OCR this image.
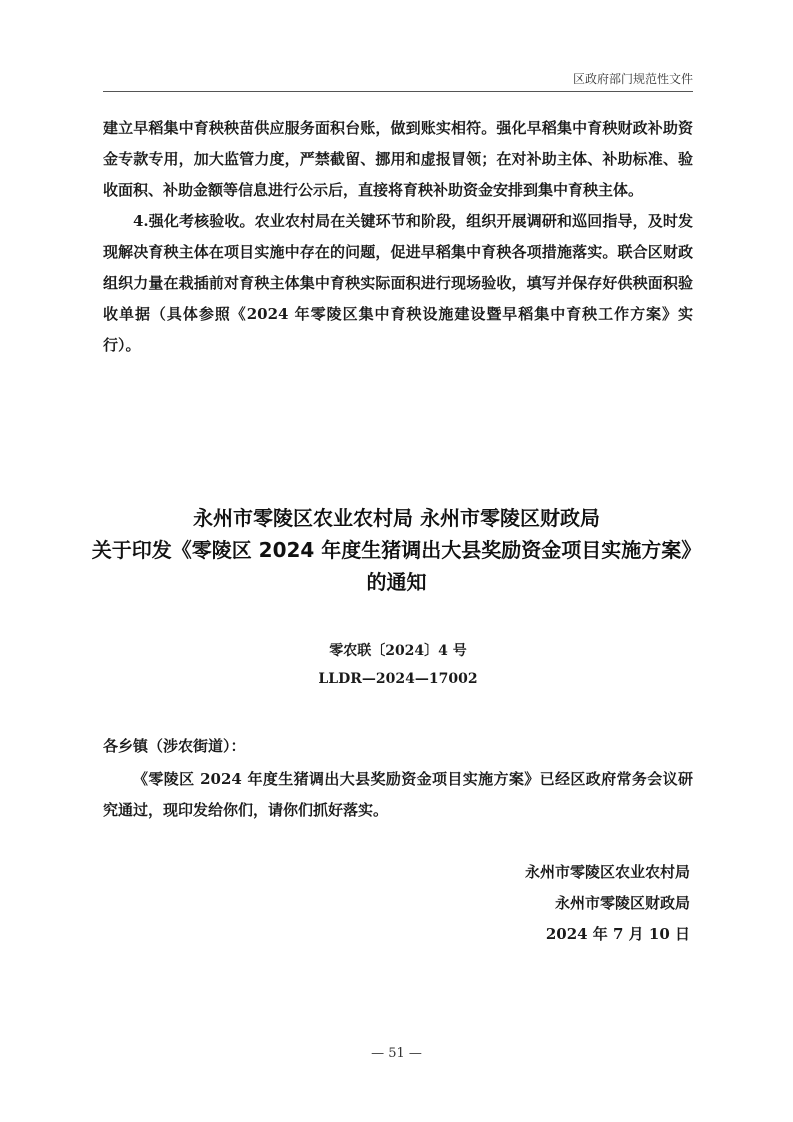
区政府部门规范性文件

建立早稻集中育秧秧苗供应服务面积台账，做到账实相符。强化早稻集中育秧财政补助资金专款专用，加大监管力度，严禁截留、挪用和虚报冒领；在对补助主体、补助标准、验收面积、补助金额等信息进行公示后，直接将育秧补助资金安排到集中育秧主体。

4.强化考核验收。农业农村局在关键环节和阶段，组织开展调研和巡回指导，及时发现解决育秧主体在项目实施中存在的问题，促进早稻集中育秧各项措施落实。联合区财政组织力量在栽插前对育秧主体集中育秧实际面积进行现场验收，填写并保存好供秧面积验收单据（具体参照《2024 年零陵区集中育秧设施建设暨早稻集中育秧工作方案》实行）。

永州市零陵区农业农村局 永州市零陵区财政局
关于印发《零陵区 2024 年度生猪调出大县奖励资金项目实施方案》
的通知
零农联〔2024〕4 号
LLDR—2024—17002
各乡镇（涉农街道）：

《零陵区 2024 年度生猪调出大县奖励资金项目实施方案》已经区政府常务会议研究通过，现印发给你们，请你们抓好落实。

永州市零陵区农业农村局
永州市零陵区财政局
2024 年 7 月 10 日
— 51 —
